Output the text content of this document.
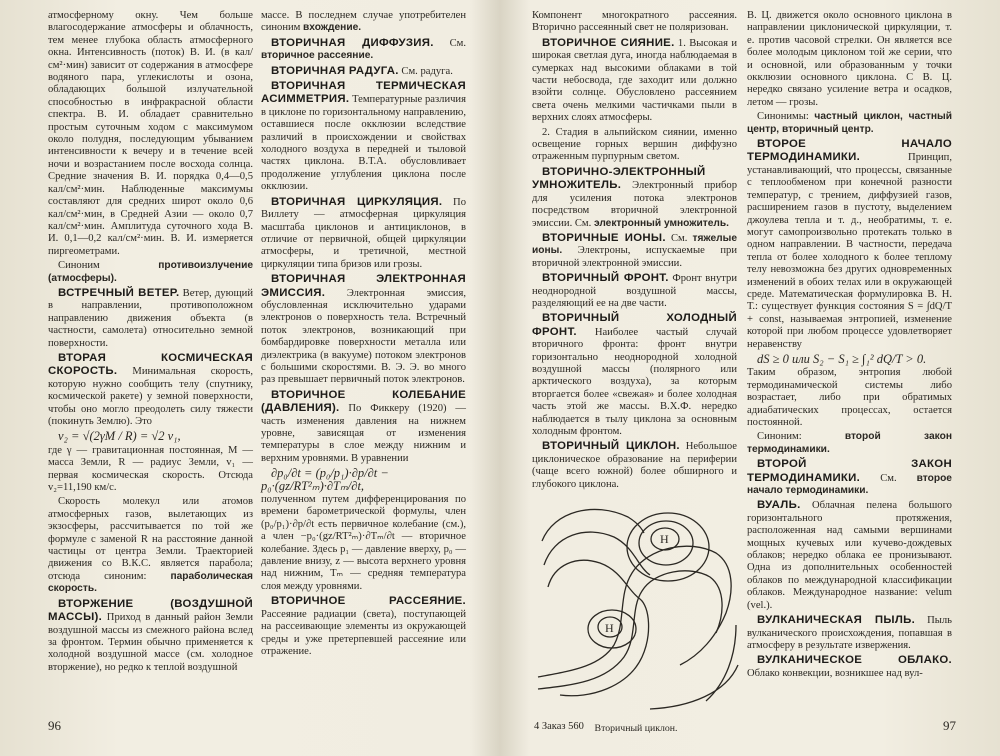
атмосферному окну. Чем больше влагосодержание атмосферы и облачность, тем менее глубока область атмосферного окна. Интенсивность (поток) В. И. (в кал/см²·мин) зависит от содержания в атмосфере водяного пара, углекислоты и озона, обладающих большой излучательной способностью в инфракрасной области спектра. В. И. обладает сравнительно простым суточным ходом с максимумом около полудня, последующим убыванием интенсивности к вечеру и в течение всей ночи и возрастанием после восхода солнца. Средние значения В. И. порядка 0,4—0,5 кал/см²·мин. Наблюденные максимумы составляют для средних широт около 0,6 кал/см²·мин, в Средней Азии — около 0,7 кал/см²·мин. Амплитуда суточного хода В. И. 0,1—0,2 кал/см²·мин. В. И. измеряется пиргеометрами.

Синоним	противоизлучение (атмосферы).

ВСТРЕЧНЫЙ ВЕТЕР. Ветер, дующий в направлении, противоположном направлению движения объекта (в частности, самолета) относительно земной поверхности.

ВТОРАЯ КОСМИЧЕСКАЯ СКОРОСТЬ. Минимальная скорость, которую нужно сообщить телу (спутнику, космической ракете) у земной поверхности, чтобы оно могло преодолеть силу тяжести (покинуть Землю). Это

v₂ = √(2γM / R) = √2 v₁,

где γ — гравитационная постоянная, M — масса Земли, R — радиус Земли, v₁ — первая космическая скорость. Отсюда v₂=11,190 км/с.

Скорость молекул или атомов атмосферных газов, вылетающих из экзосферы, рассчитывается по той же формуле с заменой R на расстояние данной частицы от центра Земли. Траекторией движения со В.К.С. является парабола; отсюда синоним: параболическая скорость.

ВТОРЖЕНИЕ (ВОЗДУШНОЙ МАССЫ). Приход в данный район Земли воздушной массы из смежного района вслед за фронтом. Термин обычно применяется к холодной воздушной массе (см. холодное вторжение), но редко к теплой воздушной

массе. В последнем случае употребителен синоним вхождение.

ВТОРИЧНАЯ ДИФФУЗИЯ. См. вторичное рассеяние.

ВТОРИЧНАЯ РАДУГА. См. радуга.

ВТОРИЧНАЯ ТЕРМИЧЕСКАЯ АСИММЕТРИЯ. Температурные различия в циклоне по горизонтальному направлению, оставшиеся после окклюзии вследствие различий в происхождении и свойствах холодного воздуха в передней и тыловой частях циклона. В.Т.А. обусловливает продолжение углубления циклона после окклюзии.

ВТОРИЧНАЯ ЦИРКУЛЯЦИЯ. По Виллету — атмосферная циркуляция масштаба циклонов и антициклонов, в отличие от первичной, общей циркуляции атмосферы, и третичной, местной циркуляции типа бризов или грозы.

ВТОРИЧНАЯ ЭЛЕКТРОННАЯ ЭМИССИЯ. Электронная эмиссия, обусловленная исключительно ударами электронов о поверхность тела. Встречный поток электронов, возникающий при бомбардировке поверхности металла или диэлектрика (в вакууме) потоком электронов с большими скоростями. В. Э. Э. во много раз превышает первичный поток электронов.

ВТОРИЧНОЕ КОЛЕБАНИЕ (ДАВЛЕНИЯ). По Фиккеру (1920) — часть изменения давления на нижнем уровне, зависящая от изменения температуры в слое между нижним и верхним уровнями. В уравнении

∂p₀/∂t = (p₀/p₁)·∂p/∂t − p₀·(gz/RT²ₘ)·∂Tₘ/∂t,

полученном путем дифференцирования по времени барометрической формулы, член (p₀/p₁)·∂p/∂t есть первичное колебание (см.), а член −p₀·(gz/RT²ₘ)·∂Tₘ/∂t — вторичное колебание. Здесь p₁ — давление вверху, p₀ — давление внизу, z — высота верхнего уровня над нижним, Tₘ — средняя температура слоя между уровнями.

ВТОРИЧНОЕ РАССЕЯНИЕ. Рассеяние радиации (света), поступающей на рассеивающие элементы из окружающей среды и уже претерпевшей рассеяние или отражение.

96

Компонент многократного рассеяния. Вторично рассеянный свет не поляризован.

ВТОРИЧНОЕ СИЯНИЕ. 1. Высокая и широкая светлая дуга, иногда наблюдаемая в сумерках над высокими облаками в той части небосвода, где заходит или должно взойти солнце. Обусловлено рассеянием света очень мелкими частичками пыли в верхних слоях атмосферы.

2. Стадия в альпийском сиянии, именно освещение горных вершин диффузно отраженным пурпурным светом.

ВТОРИЧНО-ЭЛЕКТРОННЫЙ УМНОЖИТЕЛЬ. Электронный прибор для усиления потока электронов посредством вторичной электронной эмиссии. См. электронный умножитель.

ВТОРИЧНЫЕ ИОНЫ. См. тяжелые ионы. Электроны, испускаемые при вторичной электронной эмиссии.

ВТОРИЧНЫЙ ФРОНТ. Фронт внутри неоднородной воздушной массы, разделяющий ее на две части.

ВТОРИЧНЫЙ ХОЛОДНЫЙ ФРОНТ. Наиболее частый случай вторичного фронта: фронт внутри горизонтально неоднородной холодной воздушной массы (полярного или арктического воздуха), за которым вторгается более «свежая» и более холодная часть этой же массы. В.Х.Ф. нередко наблюдается в тылу циклона за основным холодным фронтом.

ВТОРИЧНЫЙ ЦИКЛОН. Небольшое циклоническое образование на периферии (чаще всего южной) более обширного и глубокого циклона.

Н
Н
Вторичный циклон.

В. Ц. движется около основного циклона в направлении циклонической циркуляции, т. е. против часовой стрелки. Он является все более молодым циклоном той же серии, что и основной, или образованным у точки окклюзии основного циклона. С В. Ц. нередко связано усиление ветра и осадков, летом — грозы.

Синонимы: частный циклон, частный центр, вторичный центр.

ВТОРОЕ НАЧАЛО ТЕРМОДИНАМИКИ.	Принцип, устанавливающий, что процессы, связанные с теплообменом при конечной разности температур, с трением, диффузией газов, расширением газов в пустоту, выделением джоулева тепла и т. д., необратимы, т. е. могут самопроизвольно протекать только в одном направлении. В частности, передача тепла от более холодного к более теплому телу невозможна без других одновременных изменений в обоих телах или в окружающей среде. Математическая формулировка В. Н. Т.: существует функция состояния S = ∫dQ/T + const, называемая энтропией, изменение которой при любом процессе удовлетворяет неравенству

dS ≥ 0 или S₂ − S₁ ≥ ∫₁² dQ/T > 0.

Таким образом, энтропия любой термодинамической системы либо возрастает, либо при обратимых адиабатических процессах, остается постоянной.

Синоним:	второй закон термодинамики.

ВТОРОЙ ЗАКОН ТЕРМОДИНАМИКИ. См. второе начало термодинамики.

ВУАЛЬ. Облачная пелена большого горизонтального протяжения, расположенная над самыми вершинами мощных кучевых или кучево-дождевых облаков; нередко облака ее пронизывают. Одна из дополнительных особенностей облаков по международной классификации облаков. Международное название: velum (vel.).

ВУЛКАНИЧЕСКАЯ ПЫЛЬ. Пыль вулканического происхождения, попавшая в атмосферу в результате извержения.

ВУЛКАНИЧЕСКОЕ ОБЛАКО. Облако конвекции, возникшее над вул-

4 Заказ 560	97
